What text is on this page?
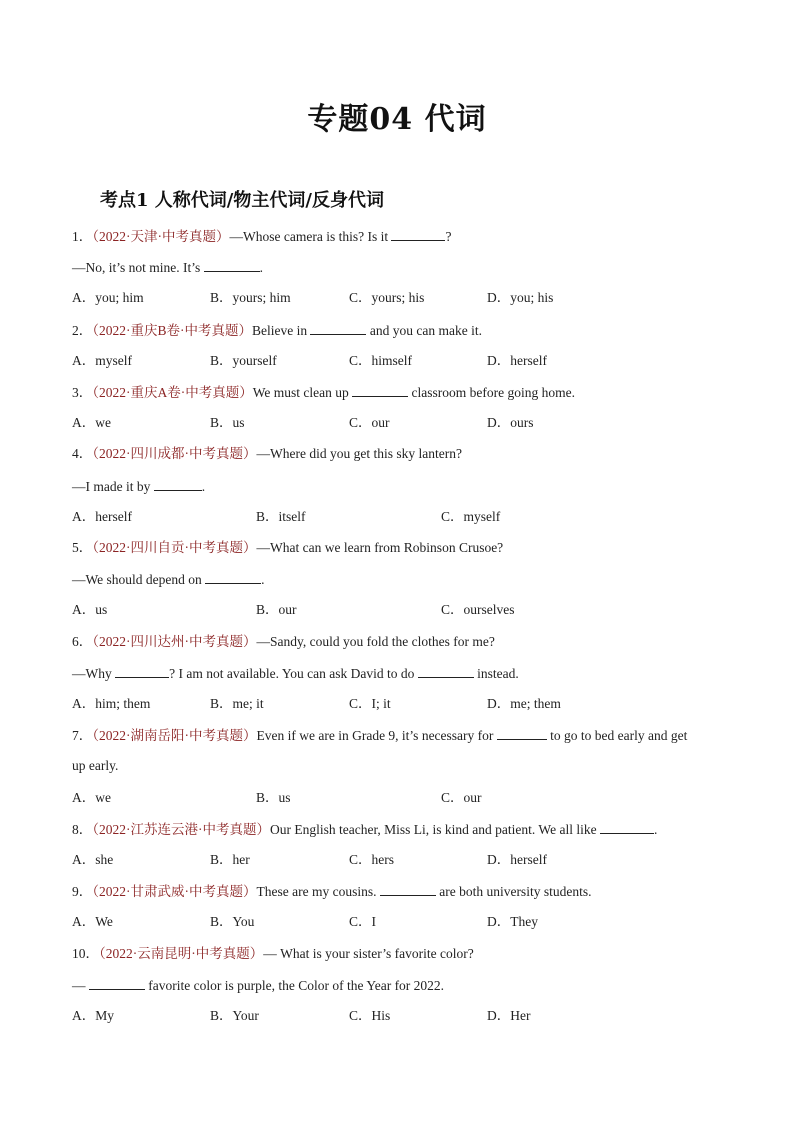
专题04 代词
考点1 人称代词/物主代词/反身代词
1．（2022·天津·中考真题）—Whose camera is this? Is it	?
—No, it’s not mine. It’s	.
A．you; him	B．yours; him	C．yours; his	D．you; his
2．（2022·重庆B卷·中考真题）Believe in	and you can make it.
A．myself	B．yourself	C．himself	D．herself
3．（2022·重庆A卷·中考真题）We must clean up	classroom before going home.
A．we	B．us	C．our	D．ours
4．（2022·四川成都·中考真题）—Where did you get this sky lantern?
—I made it by	.
A．herself	B．itself	C．myself
5．（2022·四川自贡·中考真题）—What can we learn from Robinson Crusoe?
—We should depend on	.
A．us	B．our	C．ourselves
6．（2022·四川达州·中考真题）—Sandy, could you fold the clothes for me?
—Why	? I am not available. You can ask David to do	instead.
A．him; them	B．me; it	C．I; it	D．me; them
7．（2022·湖南岳阳·中考真题）Even if we are in Grade 9, it’s necessary for	to go to bed early and get
up early.
A．we	B．us	C．our
8．（2022·江苏连云港·中考真题）Our English teacher, Miss Li, is kind and patient. We all like	.
A．she	B．her	C．hers	D．herself
9．（2022·甘肃武威·中考真题）These are my cousins.	are both university students.
A．We	B．You	C．I	D．They
10．（2022·云南昆明·中考真题）— What is your sister’s favorite color?
—	favorite color is purple, the Color of the Year for 2022.
A．My	B．Your	C．His	D．Her
